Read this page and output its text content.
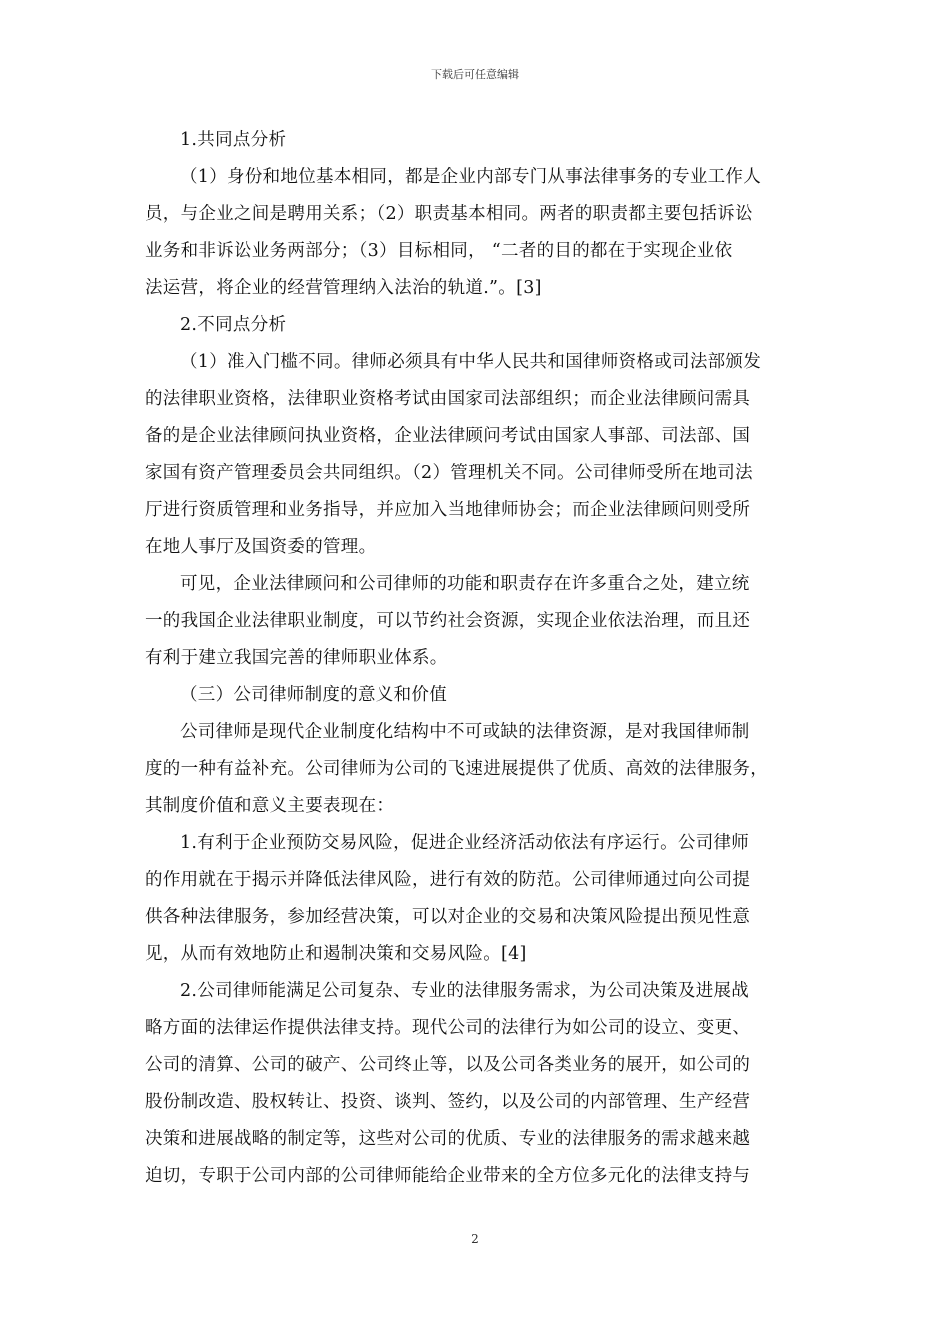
下载后可任意编辑
1.共同点分析
（1）身份和地位基本相同，都是企业内部专门从事法律事务的专业工作人
员，与企业之间是聘用关系；（2）职责基本相同。两者的职责都主要包括诉讼
业务和非诉讼业务两部分；（3）目标相同， “二者的目的都在于实现企业依
法运营，将企业的经营管理纳入法治的轨道.”。[3]
2.不同点分析
（1）准入门槛不同。律师必须具有中华人民共和国律师资格或司法部颁发
的法律职业资格，法律职业资格考试由国家司法部组织；而企业法律顾问需具
备的是企业法律顾问执业资格，企业法律顾问考试由国家人事部、司法部、国
家国有资产管理委员会共同组织。（2）管理机关不同。公司律师受所在地司法
厅进行资质管理和业务指导，并应加入当地律师协会；而企业法律顾问则受所
在地人事厅及国资委的管理。
可见，企业法律顾问和公司律师的功能和职责存在许多重合之处，建立统
一的我国企业法律职业制度，可以节约社会资源，实现企业依法治理，而且还
有利于建立我国完善的律师职业体系。
（三）公司律师制度的意义和价值
公司律师是现代企业制度化结构中不可或缺的法律资源，是对我国律师制
度的一种有益补充。公司律师为公司的飞速进展提供了优质、高效的法律服务，
其制度价值和意义主要表现在：
1.有利于企业预防交易风险，促进企业经济活动依法有序运行。公司律师
的作用就在于揭示并降低法律风险，进行有效的防范。公司律师通过向公司提
供各种法律服务，参加经营决策，可以对企业的交易和决策风险提出预见性意
见，从而有效地防止和遏制决策和交易风险。[4]
2.公司律师能满足公司复杂、专业的法律服务需求，为公司决策及进展战
略方面的法律运作提供法律支持。现代公司的法律行为如公司的设立、变更、
公司的清算、公司的破产、公司终止等，以及公司各类业务的展开，如公司的
股份制改造、股权转让、投资、谈判、签约，以及公司的内部管理、生产经营
决策和进展战略的制定等，这些对公司的优质、专业的法律服务的需求越来越
迫切，专职于公司内部的公司律师能给企业带来的全方位多元化的法律支持与
2
